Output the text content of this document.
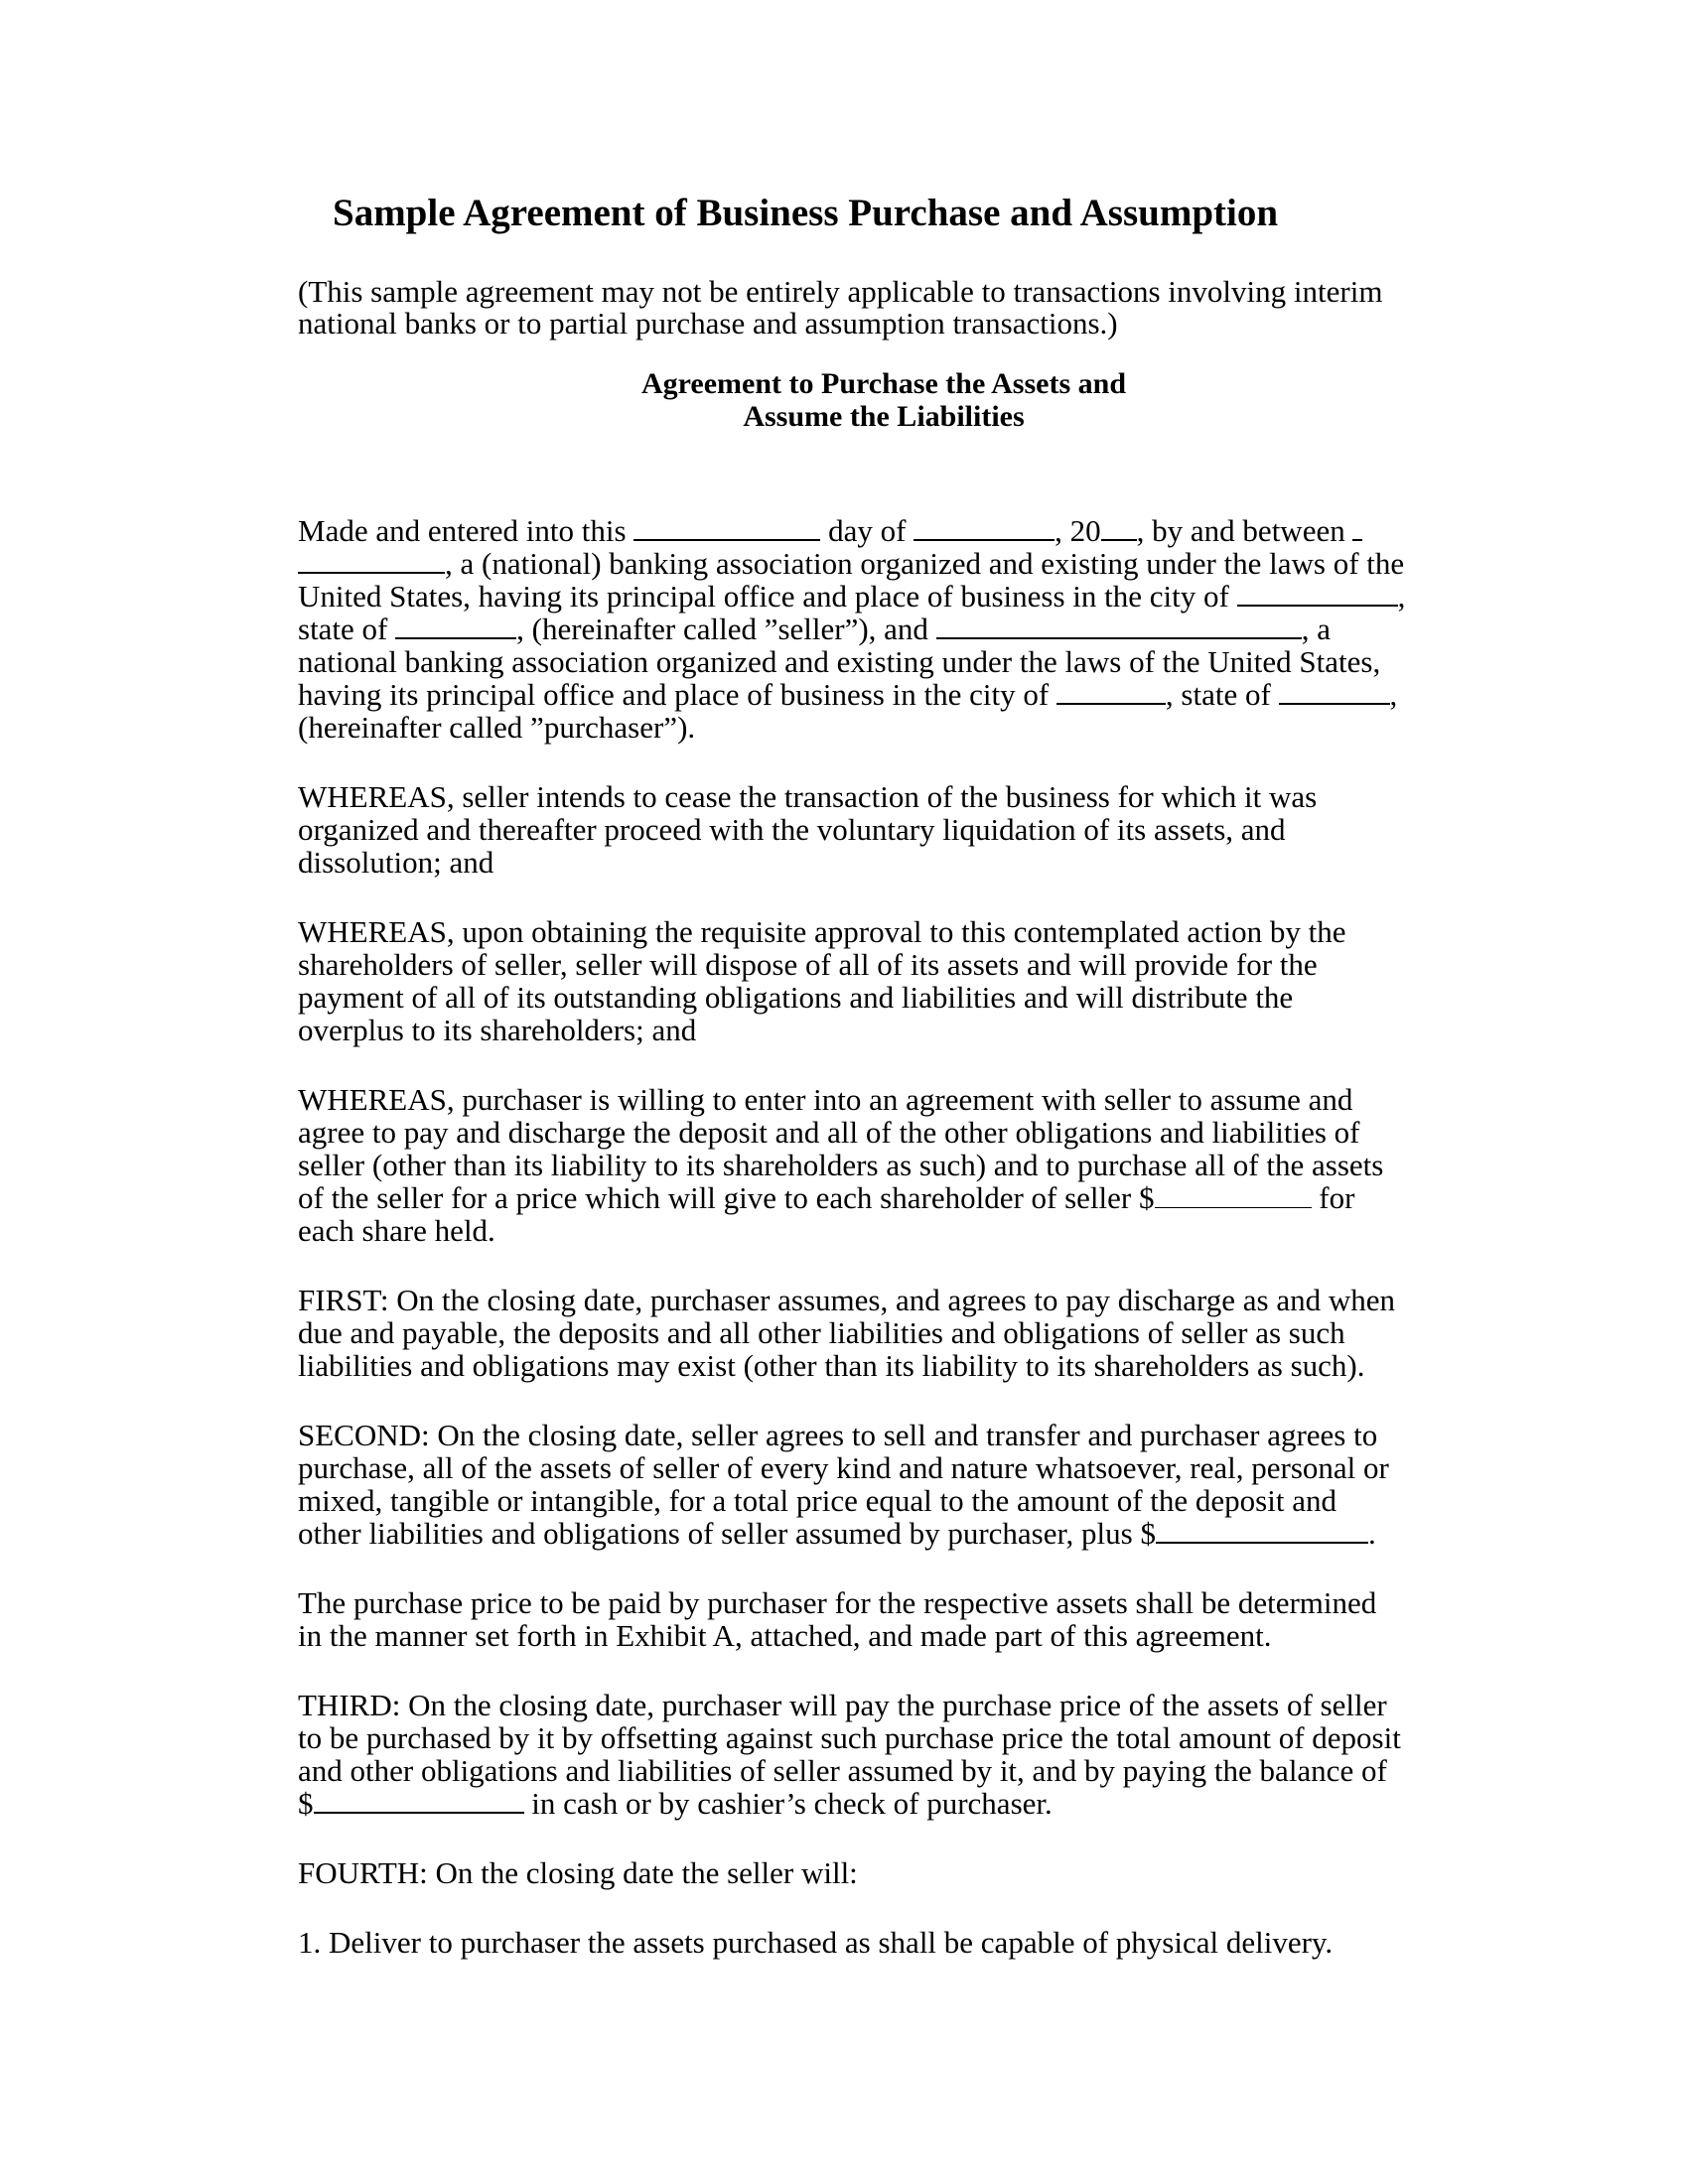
Sample Agreement of Business Purchase and Assumption
(This sample agreement may not be entirely applicable to transactions involving interim
national banks or to partial purchase and assumption transactions.)
Agreement to Purchase the Assets and
Assume the Liabilities
Made and entered into this	day of	, 20 , by and between
, a (national) banking association organized and existing under the laws of the
United States, having its principal office and place of business in the city of	,
state of	, (hereinafter called ”seller”), and	, a
national banking association organized and existing under the laws of the United States,
having its principal office and place of business in the city of	, state of	,
(hereinafter called ”purchaser”).
WHEREAS, seller intends to cease the transaction of the business for which it was
organized and thereafter proceed with the voluntary liquidation of its assets, and
dissolution; and
WHEREAS, upon obtaining the requisite approval to this contemplated action by the
shareholders of seller, seller will dispose of all of its assets and will provide for the
payment of all of its outstanding obligations and liabilities and will distribute the
overplus to its shareholders; and
WHEREAS, purchaser is willing to enter into an agreement with seller to assume and
agree to pay and discharge the deposit and all of the other obligations and liabilities of
seller (other than its liability to its shareholders as such) and to purchase all of the assets
of the seller for a price which will give to each shareholder of seller $	for
each share held.
FIRST: On the closing date, purchaser assumes, and agrees to pay discharge as and when
due and payable, the deposits and all other liabilities and obligations of seller as such
liabilities and obligations may exist (other than its liability to its shareholders as such).
SECOND: On the closing date, seller agrees to sell and transfer and purchaser agrees to
purchase, all of the assets of seller of every kind and nature whatsoever, real, personal or
mixed, tangible or intangible, for a total price equal to the amount of the deposit and
other liabilities and obligations of seller assumed by purchaser, plus $	.
The purchase price to be paid by purchaser for the respective assets shall be determined
in the manner set forth in Exhibit A, attached, and made part of this agreement.
THIRD: On the closing date, purchaser will pay the purchase price of the assets of seller
to be purchased by it by offsetting against such purchase price the total amount of deposit
and other obligations and liabilities of seller assumed by it, and by paying the balance of
$	in cash or by cashier’s check of purchaser.
FOURTH: On the closing date the seller will:
1. Deliver to purchaser the assets purchased as shall be capable of physical delivery.
